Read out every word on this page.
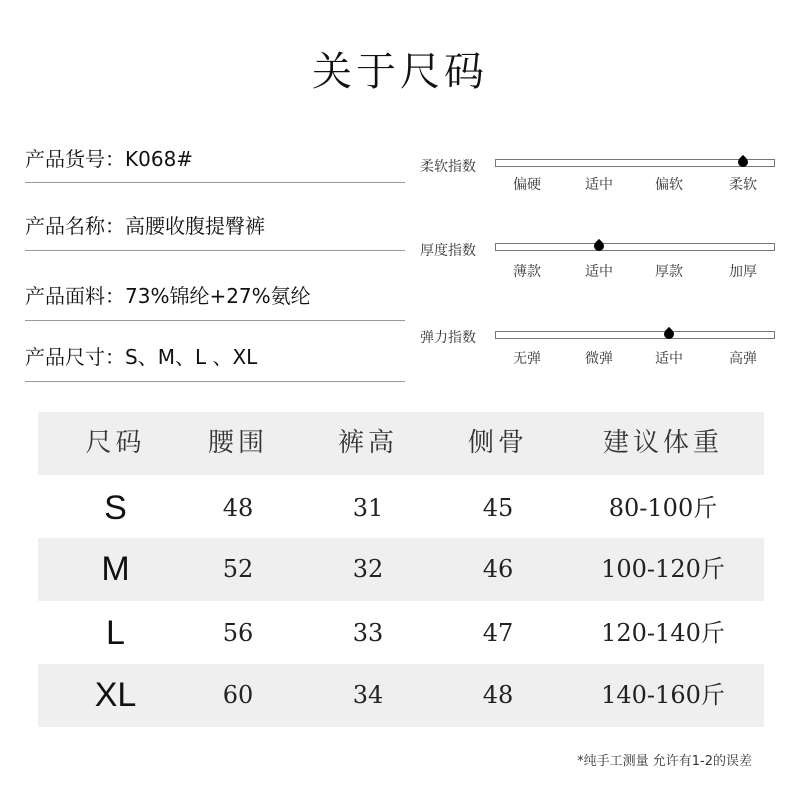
关于尺码
产品货号：K068#
产品名称：高腰收腹提臀裤
产品面料：73%锦纶+27%氨纶
产品尺寸：S、M、L 、XL
柔软指数
偏硬	适中	偏软	柔软
厚度指数
薄款	适中	厚款	加厚
弹力指数
无弹	微弹	适中	高弹
尺码	腰围	裤高	侧骨	建议体重
S	48	31	45	80-100斤
M	52	32	46	100-120斤
L	56	33	47	120-140斤
XL	60	34	48	140-160斤
*纯手工测量 允许有1-2的误差
